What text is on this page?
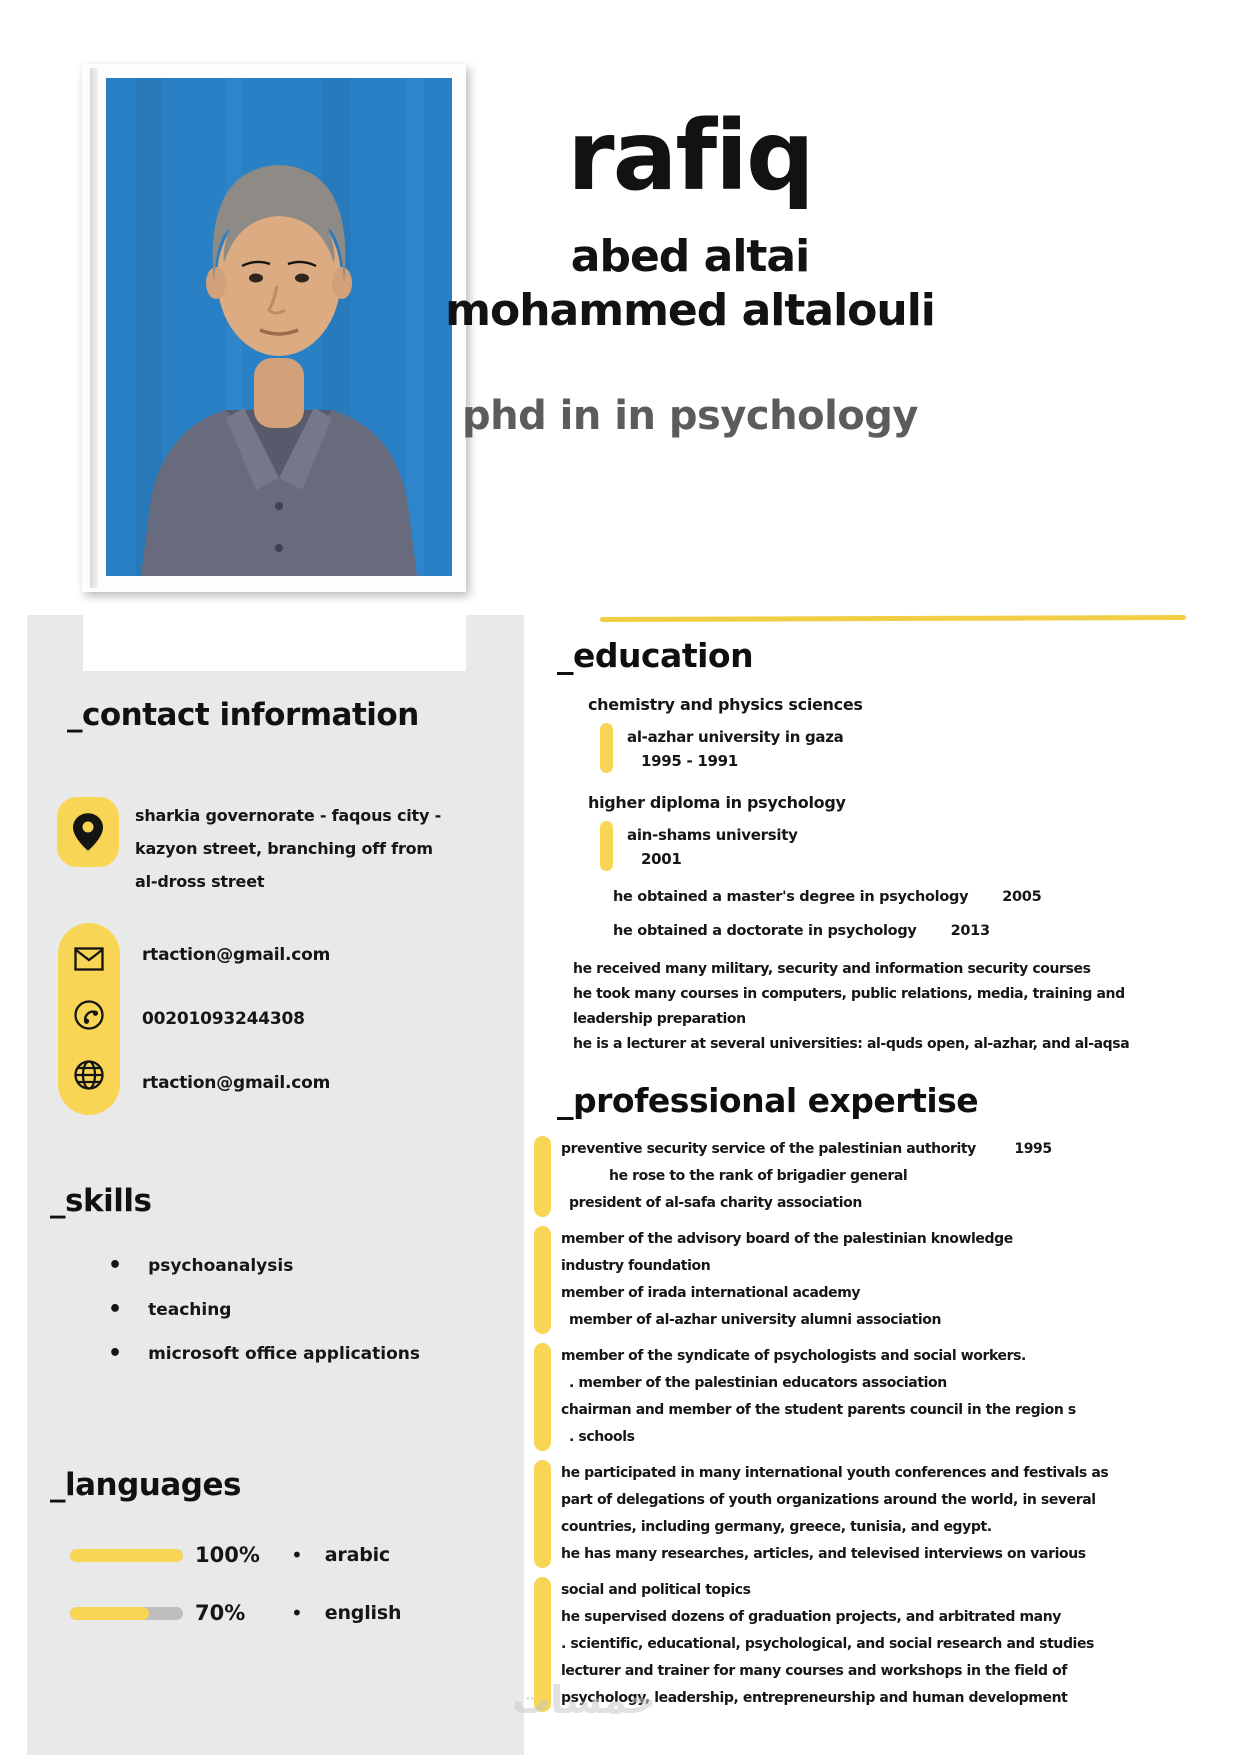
rafiq
abed altai
mohammed altalouli
phd in in psychology
_contact information
sharkia governorate - faqous city -
kazyon street, branching off from
al-dross street
rtaction@gmail.com
00201093244308
rtaction@gmail.com
_skills
• psychoanalysis
• teaching
• microsoft office applications
_languages
100% • arabic
70%	• english
_education
chemistry and physics sciences
al-azhar university in gaza
1995 - 1991
higher diploma in psychology
ain-shams university
2001
he obtained a master's degree in psychology 2005
he obtained a doctorate in psychology 2013
he received many military, security and information security courses
he took many courses in computers, public relations, media, training and
leadership preparation
he is a lecturer at several universities: al-quds open, al-azhar, and al-aqsa
_professional expertise
preventive security service of the palestinian authority	1995
he rose to the rank of brigadier general
president of al-safa charity association
member of the advisory board of the palestinian knowledge
industry foundation
member of irada international academy
member of al-azhar university alumni association
member of the syndicate of psychologists and social workers.
. member of the palestinian educators association
chairman and member of the student parents council in the region s
. schools
he participated in many international youth conferences and festivals as
part of delegations of youth organizations around the world, in several
countries, including germany, greece, tunisia, and egypt.
he has many researches, articles, and televised interviews on various
social and political topics
he supervised dozens of graduation projects, and arbitrated many
. scientific, educational, psychological, and social research and studies
lecturer and trainer for many courses and workshops in the field of
psychology, leadership, entrepreneurship and human development
خمسات
